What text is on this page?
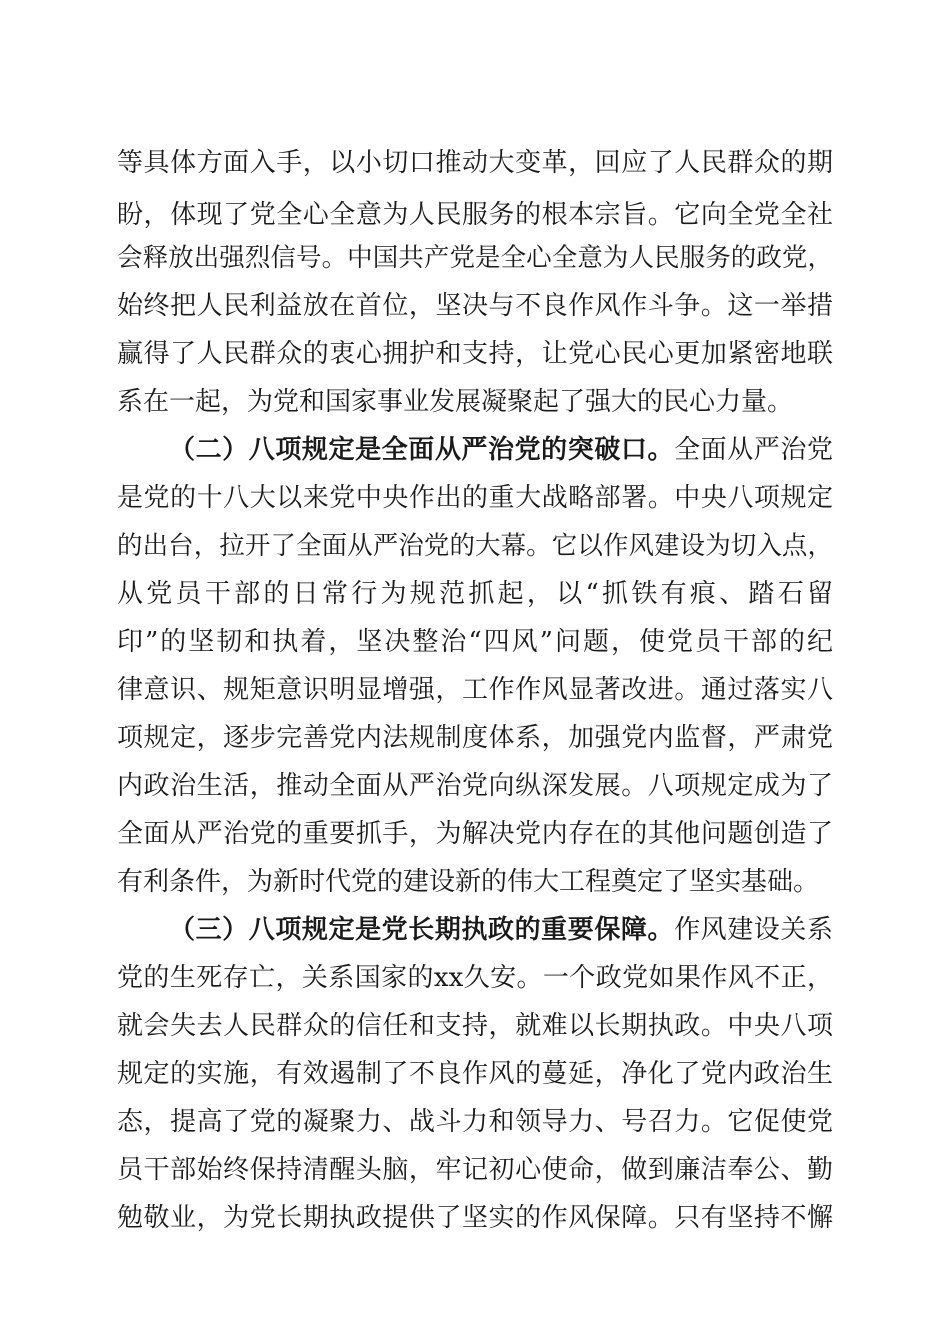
等具体方面入手，以小切口推动大变革，回应了人民群众的期
盼，体现了党全心全意为人民服务的根本宗旨。它向全党全社
会释放出强烈信号。中国共产党是全心全意为人民服务的政党，
始终把人民利益放在首位，坚决与不良作风作斗争。这一举措
赢得了人民群众的衷心拥护和支持，让党心民心更加紧密地联
系在一起，为党和国家事业发展凝聚起了强大的民心力量。
（二）八项规定是全面从严治党的突破口。全面从严治党
是党的十八大以来党中央作出的重大战略部署。中央八项规定
的出台，拉开了全面从严治党的大幕。它以作风建设为切入点，
从党员干部的日常行为规范抓起，以“抓铁有痕、踏石留
印”的坚韧和执着，坚决整治“四风”问题，使党员干部的纪
律意识、规矩意识明显增强，工作作风显著改进。通过落实八
项规定，逐步完善党内法规制度体系，加强党内监督，严肃党
内政治生活，推动全面从严治党向纵深发展。八项规定成为了
全面从严治党的重要抓手，为解决党内存在的其他问题创造了
有利条件，为新时代党的建设新的伟大工程奠定了坚实基础。
（三）八项规定是党长期执政的重要保障。作风建设关系
党的生死存亡，关系国家的xx久安。一个政党如果作风不正，
就会失去人民群众的信任和支持，就难以长期执政。中央八项
规定的实施，有效遏制了不良作风的蔓延，净化了党内政治生
态，提高了党的凝聚力、战斗力和领导力、号召力。它促使党
员干部始终保持清醒头脑，牢记初心使命，做到廉洁奉公、勤
勉敬业，为党长期执政提供了坚实的作风保障。只有坚持不懈
